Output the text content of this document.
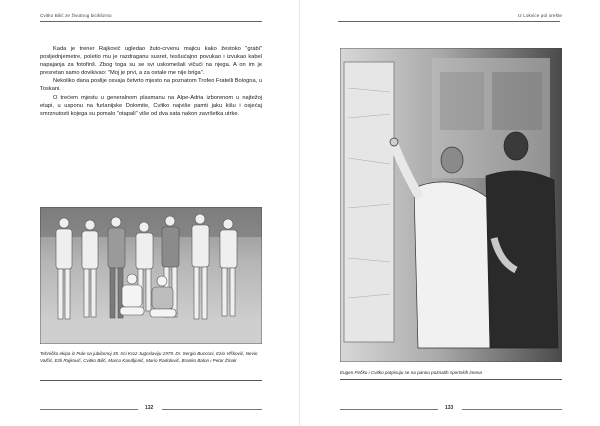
Cvitko Bilić ze životnog biciklizmo

Kada je trener Rajković ugledao žuto-crvenu majicu kako žestoko "grabi" posljednjemetre, poletio mu je razdraganu susret, tesšućajno povukao i izvukao kabel napajanja za fotofinš. Zbog toga su se svi uskomešali vičući na njega. A on im je presretan samo dovikivao: "Moj je prvi, a za ostale me nije briga".

Nekoliko dana poslije osvaja četvrto mjesto na poznatom Trofeo Fratelli Bologna, u Toskani.

O trećem mjestu u generalnom plasmanu na Alpe-Adria izborenom u najtežoj etapi, u usponu na furlanijske Dolomite, Cvitko najviše pamti jaku kišu i osjećaj smrznutosti kojega su pomalo "otapali" više od dva sata nakon završetka utrke.

Tehnička ekipa iz Pule na jubilarnoj 35. trci Kroz Jugoslaviju 1979. Dr. Sergio Bucconi, Ezio Vlšković, Nevio Valčić, Ezli Rajković, Cvitko Bilić, Marco Kandljonić, Mario Radolović, Branko Balon i Petar Žmak
132
Iz Lokvice pol orešte
Eugen Pirčko i Cvitko potpisuju se na panou poznatih sportskih imena
133
